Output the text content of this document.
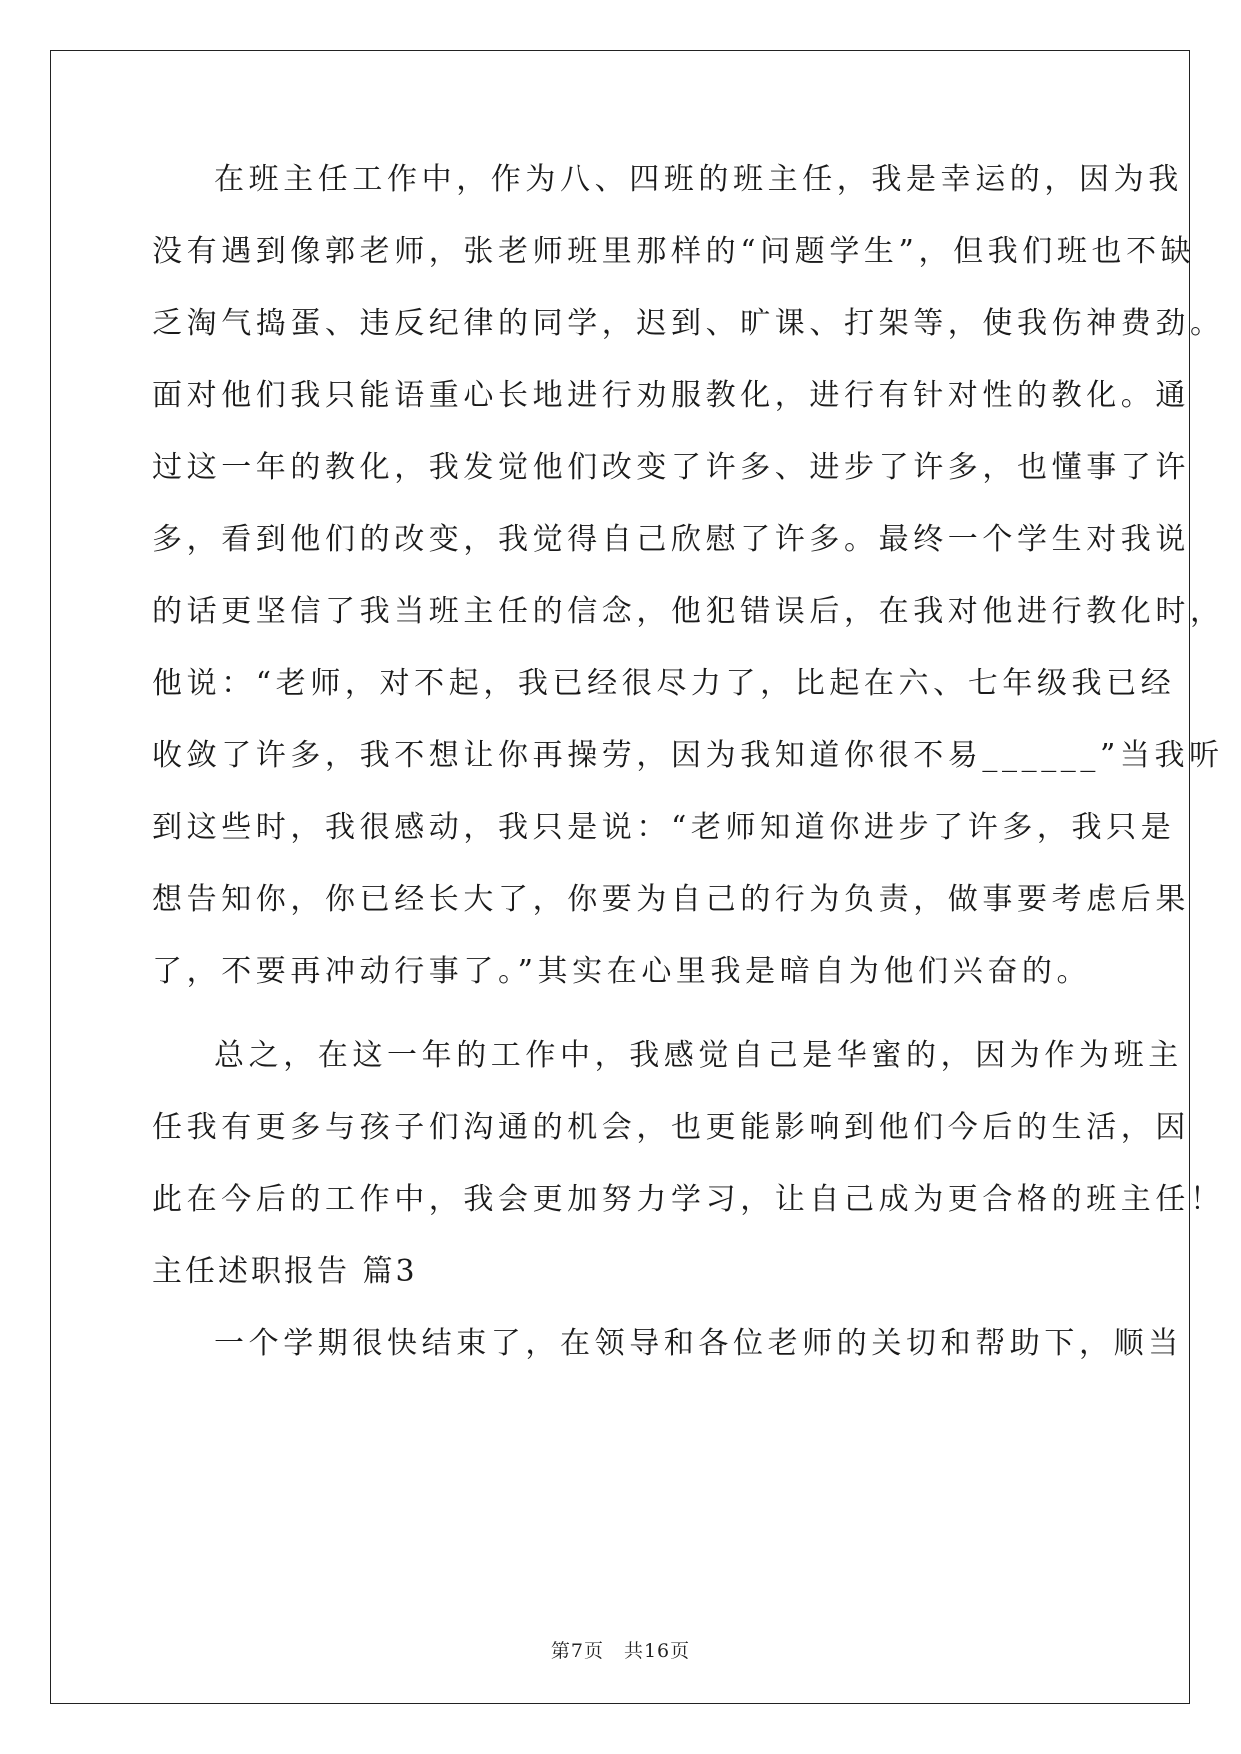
在班主任工作中，作为八、四班的班主任，我是幸运的，因为我
没有遇到像郭老师，张老师班里那样的“问题学生”，但我们班也不缺
乏淘气捣蛋、违反纪律的同学，迟到、旷课、打架等，使我伤神费劲。
面对他们我只能语重心长地进行劝服教化，进行有针对性的教化。通
过这一年的教化，我发觉他们改变了许多、进步了许多，也懂事了许
多，看到他们的改变，我觉得自己欣慰了许多。最终一个学生对我说
的话更坚信了我当班主任的信念，他犯错误后，在我对他进行教化时，
他说：“老师，对不起，我已经很尽力了，比起在六、七年级我已经
收敛了许多，我不想让你再操劳，因为我知道你很不易______”当我听
到这些时，我很感动，我只是说：“老师知道你进步了许多，我只是
想告知你，你已经长大了，你要为自己的行为负责，做事要考虑后果
了，不要再冲动行事了。”其实在心里我是暗自为他们兴奋的。
总之，在这一年的工作中，我感觉自己是华蜜的，因为作为班主
任我有更多与孩子们沟通的机会，也更能影响到他们今后的生活，因
此在今后的工作中，我会更加努力学习，让自己成为更合格的班主任！
主任述职报告 篇3
一个学期很快结束了，在领导和各位老师的关切和帮助下，顺当
第7页　共16页
